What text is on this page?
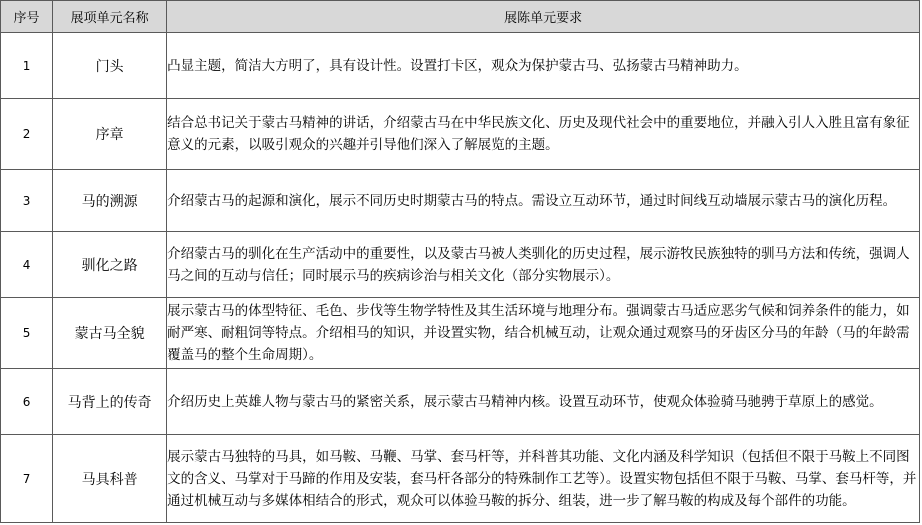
序号	展项单元名称	展陈单元要求
1	门头	凸显主题，简洁大方明了，具有设计性。设置打卡区，观众为保护蒙古马、弘扬蒙古马精神助力。
2	序章	结合总书记关于蒙古马精神的讲话，介绍蒙古马在中华民族文化、历史及现代社会中的重要地位，并融入引人入胜且富有象征意义的元素，以吸引观众的兴趣并引导他们深入了解展览的主题。
3	马的溯源	介绍蒙古马的起源和演化，展示不同历史时期蒙古马的特点。需设立互动环节，通过时间线互动墙展示蒙古马的演化历程。
4	驯化之路	介绍蒙古马的驯化在生产活动中的重要性，以及蒙古马被人类驯化的历史过程，展示游牧民族独特的驯马方法和传统，强调人马之间的互动与信任；同时展示马的疾病诊治与相关文化（部分实物展示）。
5	蒙古马全貌	展示蒙古马的体型特征、毛色、步伐等生物学特性及其生活环境与地理分布。强调蒙古马适应恶劣气候和饲养条件的能力，如耐严寒、耐粗饲等特点。介绍相马的知识，并设置实物，结合机械互动，让观众通过观察马的牙齿区分马的年龄（马的年龄需覆盖马的整个生命周期）。
6	马背上的传奇	介绍历史上英雄人物与蒙古马的紧密关系，展示蒙古马精神内核。设置互动环节，使观众体验骑马驰骋于草原上的感觉。
7	马具科普	展示蒙古马独特的马具，如马鞍、马鞭、马掌、套马杆等，并科普其功能、文化内涵及科学知识（包括但不限于马鞍上不同图文的含义、马掌对于马蹄的作用及安装，套马杆各部分的特殊制作工艺等）。设置实物包括但不限于马鞍、马掌、套马杆等，并通过机械互动与多媒体相结合的形式，观众可以体验马鞍的拆分、组装，进一步了解马鞍的构成及每个部件的功能。
